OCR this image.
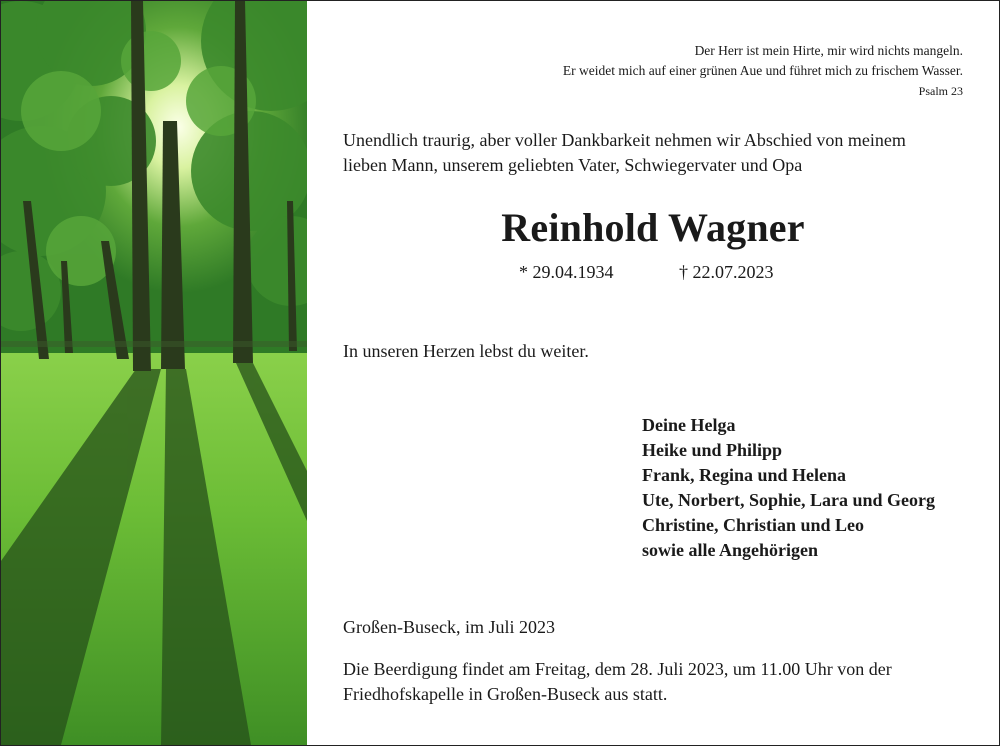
Der Herr ist mein Hirte, mir wird nichts mangeln.
Er weidet mich auf einer grünen Aue und führet mich zu frischem Wasser.
Psalm 23

Unendlich traurig, aber voller Dankbarkeit nehmen wir Abschied von meinem
lieben Mann, unserem geliebten Vater, Schwiegervater und Opa

Reinhold Wagner
* 29.04.1934	† 22.07.2023

In unseren Herzen lebst du weiter.

Deine Helga
Heike und Philipp
Frank, Regina und Helena
Ute, Norbert, Sophie, Lara und Georg
Christine, Christian und Leo
sowie alle Angehörigen

Großen-Buseck, im Juli 2023

Die Beerdigung findet am Freitag, dem 28. Juli 2023, um 11.00 Uhr von der
Friedhofskapelle in Großen-Buseck aus statt.
